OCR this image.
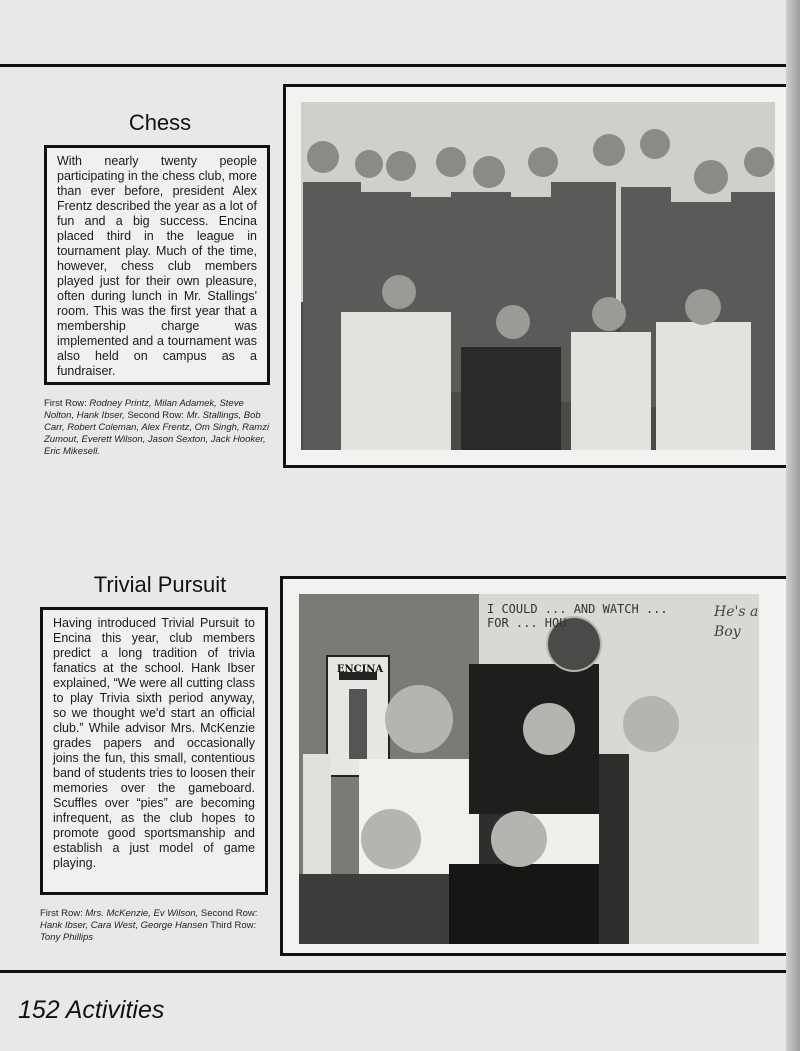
Chess
With nearly twenty people participating in the chess club, more than ever before, president Alex Frentz described the year as a lot of fun and a big success. Encina placed third in the league in tournament play. Much of the time, however, chess club members played just for their own pleasure, often during lunch in Mr. Stallings' room. This was the first year that a membership charge was implemented and a tournament was also held on campus as a fundraiser.
First Row: Rodney Printz, Milan Adamek, Steve Nolton, Hank Ibser, Second Row: Mr. Stallings, Bob Carr, Robert Coleman, Alex Frentz, Om Singh, Ramzi Zumout, Everett Wilson, Jason Sexton, Jack Hooker, Eric Mikesell.
Trivial Pursuit
Having introduced Trivial Pursuit to Encina this year, club members predict a long tradition of trivia fanatics at the school. Hank Ibser explained, “We were all cutting class to play Trivia sixth period anyway, so we thought we'd start an official club.” While advisor Mrs. McKenzie grades papers and occasionally joins the fun, this small, contentious band of students tries to loosen their memories over the gameboard. Scuffles over “pies” are becoming infrequent, as the club hopes to promote good sportsmanship and establish a just model of game playing.
First Row: Mrs. McKenzie, Ev Wilson, Second Row: Hank Ibser, Cara West, George Hansen Third Row: Tony Phillips
ENCINA
I COULD ... AND WATCH ... FOR ... HOU
He's a Boy
152 Activities
